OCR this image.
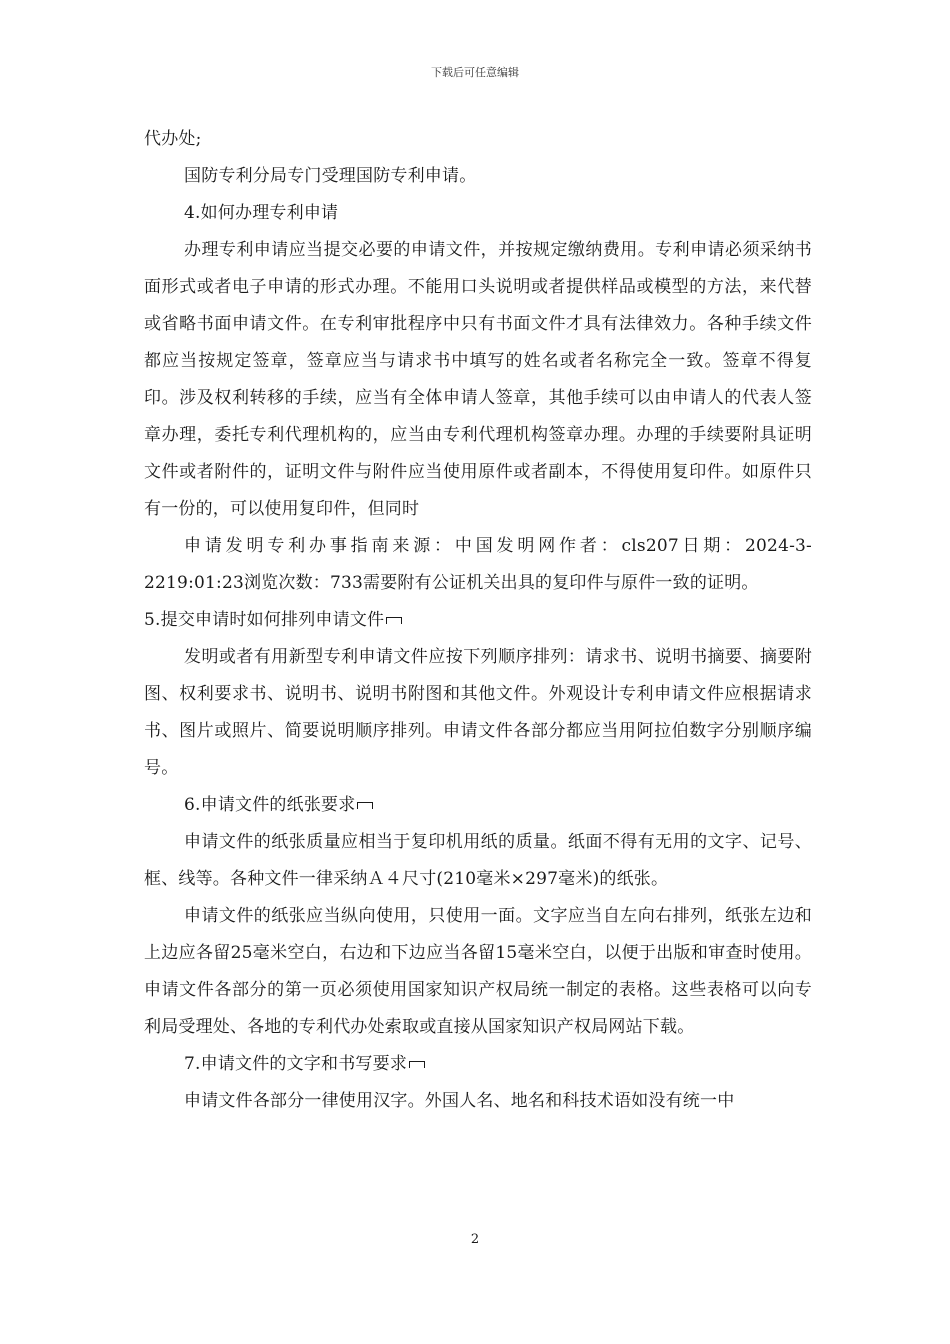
下载后可任意编辑

代办处;

国防专利分局专门受理国防专利申请。

4.如何办理专利申请

办理专利申请应当提交必要的申请文件，并按规定缴纳费用。专利申请必须采纳书面形式或者电子申请的形式办理。不能用口头说明或者提供样品或模型的方法，来代替或省略书面申请文件。在专利审批程序中只有书面文件才具有法律效力。各种手续文件都应当按规定签章，签章应当与请求书中填写的姓名或者名称完全一致。签章不得复印。涉及权利转移的手续，应当有全体申请人签章，其他手续可以由申请人的代表人签章办理，委托专利代理机构的，应当由专利代理机构签章办理。办理的手续要附具证明文件或者附件的，证明文件与附件应当使用原件或者副本，不得使用复印件。如原件只有一份的，可以使用复印件，但同时

申请发明专利办事指南来源：中国发明网作者：cls207日期：2024-3-2219:01:23浏览次数：733需要附有公证机关出具的复印件与原件一致的证明。

5.提交申请时如何排列申请文件

发明或者有用新型专利申请文件应按下列顺序排列：请求书、说明书摘要、摘要附图、权利要求书、说明书、说明书附图和其他文件。外观设计专利申请文件应根据请求书、图片或照片、简要说明顺序排列。申请文件各部分都应当用阿拉伯数字分别顺序编号。

6.申请文件的纸张要求

申请文件的纸张质量应相当于复印机用纸的质量。纸面不得有无用的文字、记号、框、线等。各种文件一律采纳Ａ４尺寸(210毫米×297毫米)的纸张。

申请文件的纸张应当纵向使用，只使用一面。文字应当自左向右排列，纸张左边和上边应各留25毫米空白，右边和下边应当各留15毫米空白，以便于出版和审查时使用。申请文件各部分的第一页必须使用国家知识产权局统一制定的表格。这些表格可以向专利局受理处、各地的专利代办处索取或直接从国家知识产权局网站下载。

7.申请文件的文字和书写要求

申请文件各部分一律使用汉字。外国人名、地名和科技术语如没有统一中

2
